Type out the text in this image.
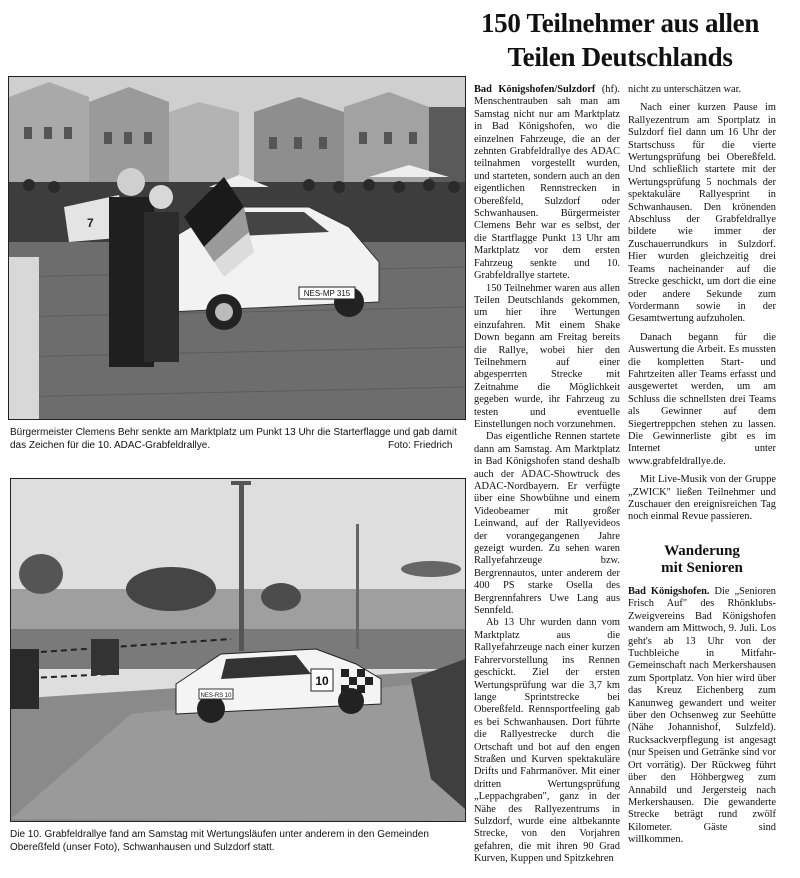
150 Teilnehmer aus allen
Teilen Deutschlands
NES-MP 315
7
Bürgermeister Clemens Behr senkte am Marktplatz um Punkt 13 Uhr die Starterflagge und gab damit das Zeichen für die 10. ADAC-Grabfeldrallye.	Foto: Friedrich
10
NES-RS 10
Die 10. Grabfeldrallye fand am Samstag mit Wertungsläufen unter anderem in den Gemeinden Obereßfeld (unser Foto), Schwanhausen und Sulzdorf statt.

Bad Königshofen/Sulzdorf (hf). Menschentrauben sah man am Samstag nicht nur am Marktplatz in Bad Königshofen, wo die einzelnen Fahrzeuge, die an der zehnten Grabfeldrallye des ADAC teilnahmen vorgestellt wurden, und starteten, sondern auch an den eigentlichen Rennstrecken in Obereßfeld, Sulzdorf oder Schwanhausen. Bürgermeister Clemens Behr war es selbst, der die Startflagge Punkt 13 Uhr am Marktplatz vor dem ersten Fahrzeug senkte und 10. Grabfeldrallye startete.

150 Teilnehmer waren aus allen Teilen Deutschlands gekommen, um hier ihre Wertungen einzufahren. Mit einem Shake Down begann am Freitag bereits die Rallye, wobei hier den Teilnehmern auf einer abgesperrten Strecke mit Zeitnahme die Möglichkeit gegeben wurde, ihr Fahrzeug zu testen und eventuelle Einstellungen noch vorzunehmen.

Das eigentliche Rennen startete dann am Samstag. Am Marktplatz in Bad Königshofen stand deshalb auch der ADAC-Showtruck des ADAC-Nordbayern. Er verfügte über eine Showbühne und einem Videobeamer mit großer Leinwand, auf der Rallyevideos der vorangegangenen Jahre gezeigt wurden. Zu sehen waren Rallyefahrzeuge bzw. Bergrennautos, unter anderem der 400 PS starke Osella des Bergrennfahrers Uwe Lang aus Sennfeld.

Ab 13 Uhr wurden dann vom Marktplatz aus die Rallyefahrzeuge nach einer kurzen Fahrervorstellung ins Rennen geschickt. Ziel der ersten Wertungsprüfung war die 3,7 km lange Sprintstrecke bei Obereßfeld. Rennsportfeeling gab es bei Schwanhausen. Dort führte die Rallyestrecke durch die Ortschaft und bot auf den engen Straßen und Kurven spektakuläre Drifts und Fahrmanöver. Mit einer dritten Wertungsprüfung „Leppachgraben", ganz in der Nähe des Rallyezentrums in Sulzdorf, wurde eine altbekannte Strecke, von den Vorjahren gefahren, die mit ihren 90 Grad Kurven, Kuppen und Spitzkehren

nicht zu unterschätzen war.

Nach einer kurzen Pause im Rallyezentrum am Sportplatz in Sulzdorf fiel dann um 16 Uhr der Startschuss für die vierte Wertungsprüfung bei Obereßfeld. Und schließlich startete mit der Wertungsprüfung 5 nochmals der spektakuläre Rallyesprint in Schwanhausen. Den krönenden Abschluss der Grabfeldrallye bildete wie immer der Zuschauerrundkurs in Sulzdorf. Hier wurden gleichzeitig drei Teams nacheinander auf die Strecke geschickt, um dort die eine oder andere Sekunde zum Vordermann sowie in der Gesamtwertung aufzuholen.

Danach begann für die Auswertung die Arbeit. Es mussten die kompletten Start- und Fahrtzeiten aller Teams erfasst und ausgewertet werden, um am Schluss die schnellsten drei Teams als Gewinner auf dem Siegertreppchen stehen zu lassen. Die Gewinnerliste gibt es im Internet unter www.grabfeldrallye.de.

Mit Live-Musik von der Gruppe „ZWICK" ließen Teilnehmer und Zuschauer den ereignisreichen Tag noch einmal Revue passieren.

Wanderung
mit Senioren

Bad Königshofen. Die „Senioren Frisch Auf" des Rhönklubs-Zweigvereins Bad Königshofen wandern am Mittwoch, 9. Juli. Los geht's ab 13 Uhr von der Tuchbleiche in Mitfahr-Gemeinschaft nach Merkershausen zum Sportplatz. Von hier wird über das Kreuz Eichenberg zum Kanunweg gewandert und weiter über den Ochsenweg zur Seehütte (Nähe Johannishof, Sulzfeld). Rucksackverpflegung ist angesagt (nur Speisen und Getränke sind vor Ort vorrätig). Der Rückweg führt über den Höhbergweg zum Annabild und Jergersteig nach Merkershausen. Die gewanderte Strecke beträgt rund zwölf Kilometer. Gäste sind willkommen.
